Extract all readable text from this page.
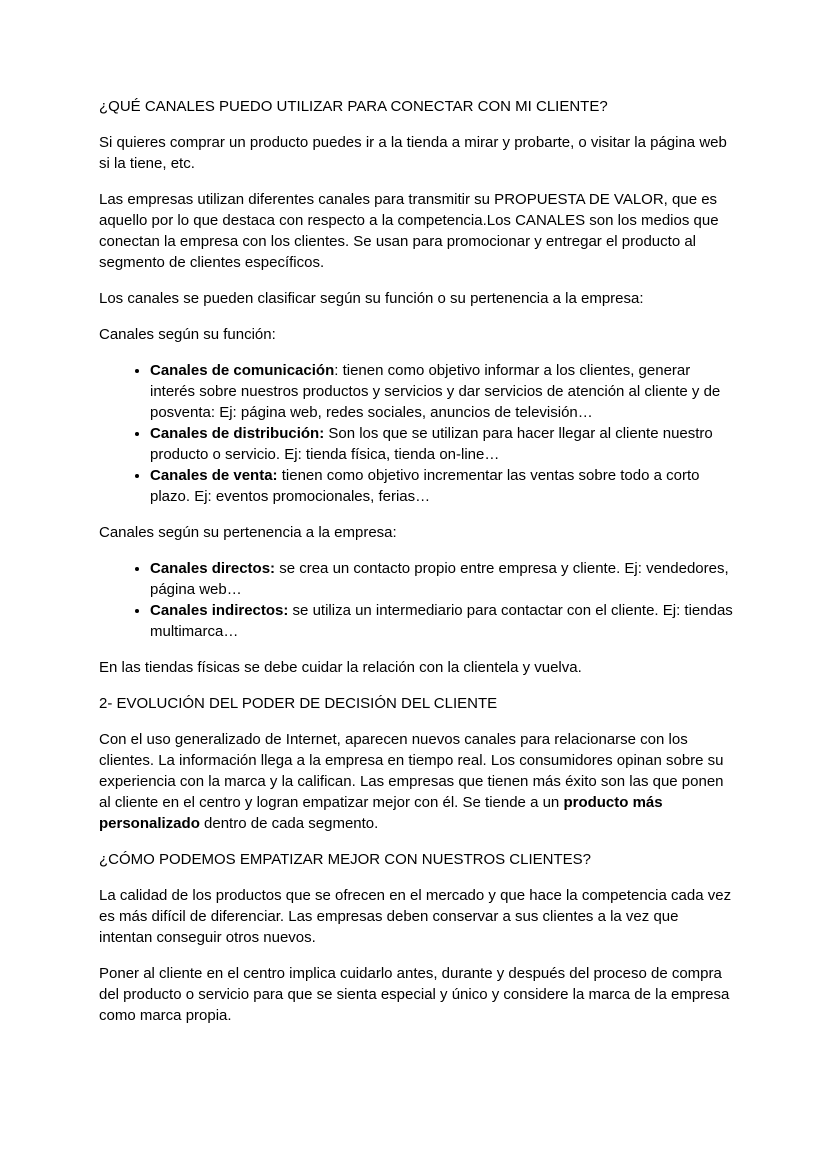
¿QUÉ CANALES PUEDO UTILIZAR PARA CONECTAR CON MI CLIENTE?

Si quieres comprar un producto puedes ir a la tienda a mirar y probarte, o visitar la página web si la tiene, etc.

Las empresas utilizan diferentes canales para transmitir su PROPUESTA DE VALOR, que es aquello por lo que destaca con respecto a la competencia.Los CANALES son los medios que conectan la empresa con los clientes. Se usan para promocionar y entregar el producto al segmento de clientes específicos.

Los canales se pueden clasificar según su función o su pertenencia a la empresa:

Canales según su función:

• Canales de comunicación: tienen como objetivo informar a los clientes, generar interés sobre nuestros productos y servicios y dar servicios de atención al cliente y de posventa: Ej: página web, redes sociales, anuncios de televisión…
• Canales de distribución: Son los que se utilizan para hacer llegar al cliente nuestro producto o servicio. Ej: tienda física, tienda on-line…
• Canales de venta: tienen como objetivo incrementar las ventas sobre todo a corto plazo. Ej: eventos promocionales, ferias…

Canales según su pertenencia a la empresa:

• Canales directos: se crea un contacto propio entre empresa y cliente. Ej: vendedores, página web…
• Canales indirectos: se utiliza un intermediario para contactar con el cliente. Ej: tiendas multimarca…

En las tiendas físicas se debe cuidar la relación con la clientela y vuelva.

2- EVOLUCIÓN DEL PODER DE DECISIÓN DEL CLIENTE

Con el uso generalizado de Internet, aparecen nuevos canales para relacionarse con los clientes. La información llega a la empresa en tiempo real. Los consumidores opinan sobre su experiencia con la marca y la califican. Las empresas que tienen más éxito son las que ponen al cliente en el centro y logran empatizar mejor con él. Se tiende a un producto más personalizado dentro de cada segmento.

¿CÓMO PODEMOS EMPATIZAR MEJOR CON NUESTROS CLIENTES?

La calidad de los productos que se ofrecen en el mercado y que hace la competencia cada vez es más difícil de diferenciar. Las empresas deben conservar a sus clientes a la vez que intentan conseguir otros nuevos.

Poner al cliente en el centro implica cuidarlo antes, durante y después del proceso de compra del producto o servicio para que se sienta especial y único y considere la marca de la empresa como marca propia.
